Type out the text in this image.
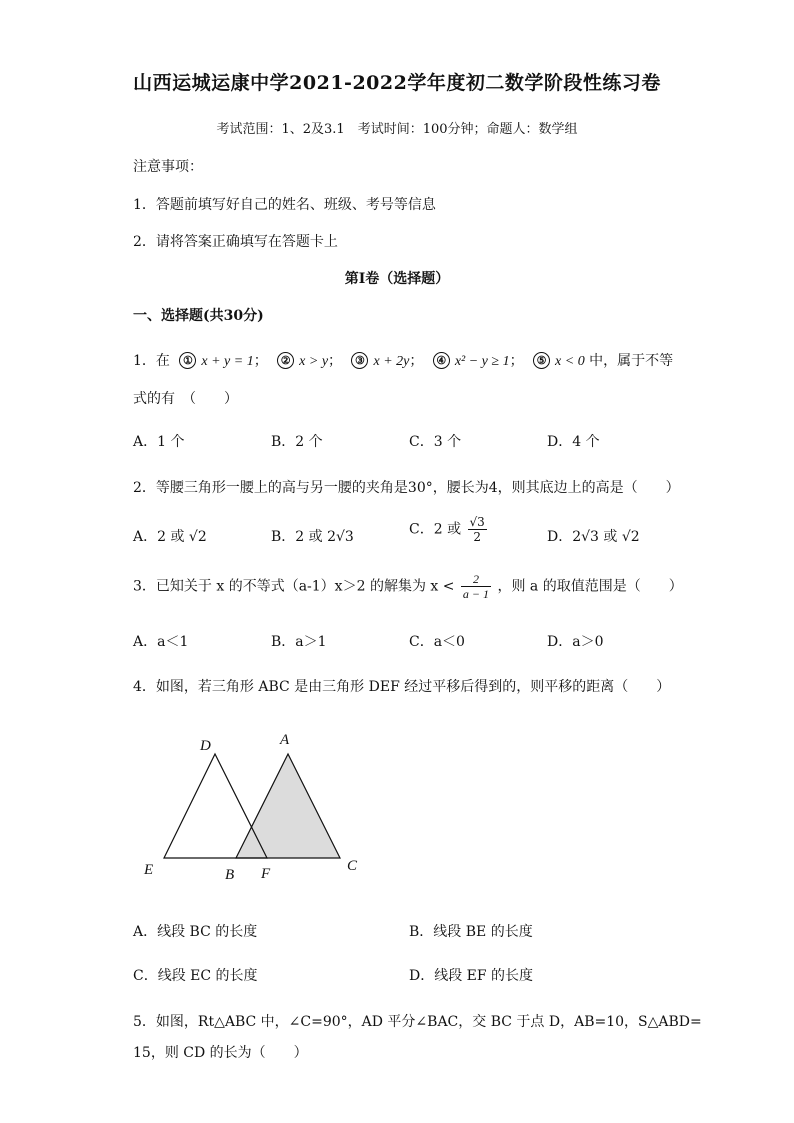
山西运城运康中学2021-2022学年度初二数学阶段性练习卷
考试范围：1、2及3.1　考试时间：100分钟；命题人：数学组
注意事项：
1．答题前填写好自己的姓名、班级、考号等信息
2．请将答案正确填写在答题卡上
第Ⅰ卷（选择题）
一、选择题(共30分)
1．在 ① x + y = 1； ② x > y； ③ x + 2y； ④ x² − y ≥ 1； ⑤ x < 0 中，属于不等
式的有　（　　）
A．1 个	B．2 个	C．3 个	D．4 个
2．等腰三角形一腰上的高与另一腰的夹角是30°，腰长为4，则其底边上的高是（　　）
A．2 或 √2	B．2 或 2√3	C．2 或 $\frac{√3}{2}$	D．2√3 或 √2
3．已知关于 x 的不等式（a-1）x＞2 的解集为 $x < \frac{2}{a - 1}$ ，则 a 的取值范围是（　　）
A．a＜1	B．a＞1	C．a＜0	D．a＞0
4．如图，若三角形 ABC 是由三角形 DEF 经过平移后得到的，则平移的距离（　　）
D	A
E	B F	C
A．线段 BC 的长度	B．线段 BE 的长度
C．线段 EC 的长度	D．线段 EF 的长度
5．如图，Rt△ABC 中，∠C=90°，AD 平分∠BAC，交 BC 于点 D，AB=10，S△ABD=
15，则 CD 的长为（　　）
